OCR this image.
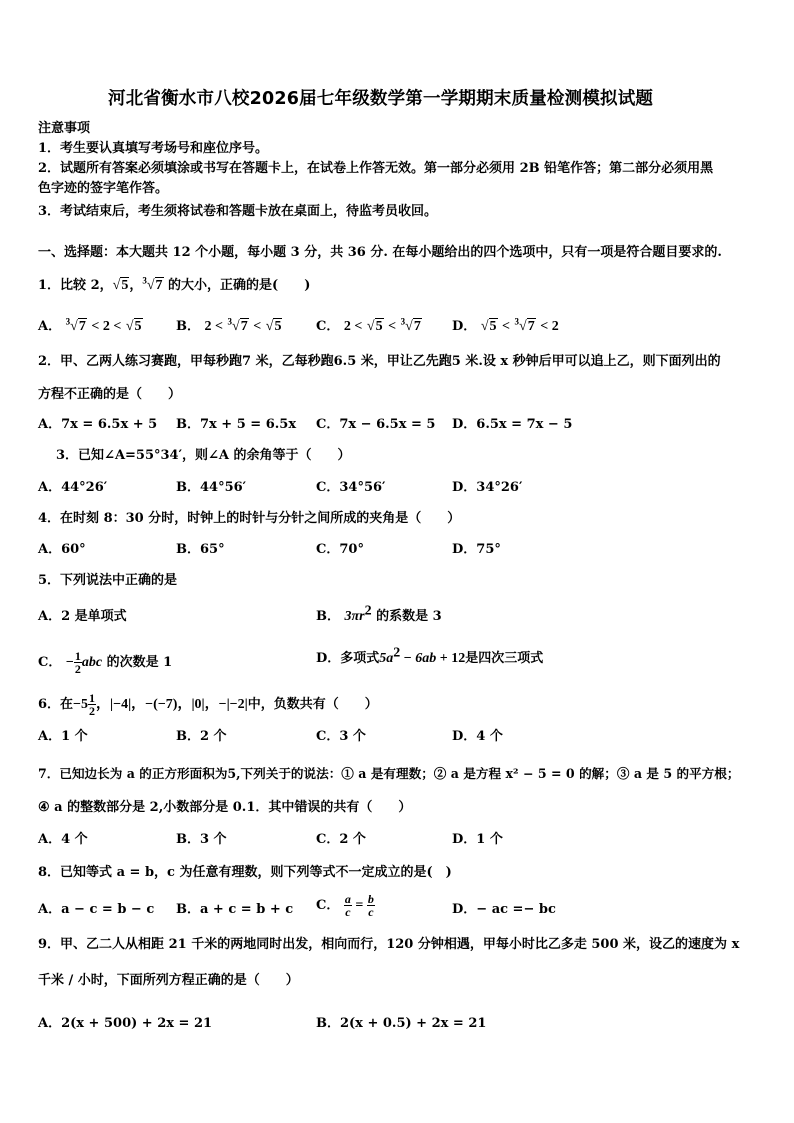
河北省衡水市八校2026届七年级数学第一学期期末质量检测模拟试题
注意事项
1．考生要认真填写考场号和座位序号。
2．试题所有答案必须填涂或书写在答题卡上，在试卷上作答无效。第一部分必须用 2B 铅笔作答；第二部分必须用黑
色字迹的签字笔作答。
3．考试结束后，考生须将试卷和答题卡放在桌面上，待监考员收回。
一、选择题：本大题共 12 个小题，每小题 3 分，共 36 分. 在每小题给出的四个选项中，只有一项是符合题目要求的.
1．比较 2，√5，$^3$√7 的大小，正确的是(　　)
A． $^3$√7 < 2 < √5	B． 2 < $^3$√7 < √5	C． 2 < √5 < $^3$√7 D． √5 < $^3$√7 < 2
2．甲、乙两人练习赛跑，甲每秒跑7 米，乙每秒跑6.5 米，甲让乙先跑5 米.设 x 秒钟后甲可以追上乙，则下面列出的
方程不正确的是（　　）
A．7x = 6.5x + 5 B．7x + 5 = 6.5x C．7x − 6.5x = 5 D．6.5x = 7x − 5
3．已知∠A=55°34′，则∠A 的余角等于（　　）
A．44°26′	B．44°56′	C．34°56′	D．34°26′
4．在时刻 8：30 分时，时钟上的时针与分针之间所成的夹角是（　　）
A．60°	B．65°	C．70°	D．75°
5．下列说法中正确的是
A．2 是单项式	B． $3\pi r^2$ 的系数是 3
C． − $\frac{1}{2}$ abc 的次数是 1	D．多项式$5a^2 - 6ab + 12$是四次三项式
6．在$-5 \frac{1}{2}$ ，|−4|，−(−7)，|0|，−|−2|中，负数共有（　　）
A．1 个	B．2 个	C．3 个	D．4 个
7．已知边长为 a 的正方形面积为5,下列关于的说法：① a 是有理数；② a 是方程 x² − 5 = 0 的解；③ a 是 5 的平方根；
④ a 的整数部分是 2,小数部分是 0.1．其中错误的共有（　　）
A．4 个	B．3 个	C．2 个	D．1 个
8．已知等式 a = b，c 为任意有理数，则下列等式不一定成立的是(　)
A．a − c = b − c B．a + c = b + c C． $\frac{a}{c} = \frac{b}{c}$	D．− ac =− bc
9．甲、乙二人从相距 21 千米的两地同时出发，相向而行，120 分钟相遇，甲每小时比乙多走 500 米，设乙的速度为 x
千米 / 小时，下面所列方程正确的是（　　）
A．2(x + 500) + 2x = 21	B．2(x + 0.5) + 2x = 21
